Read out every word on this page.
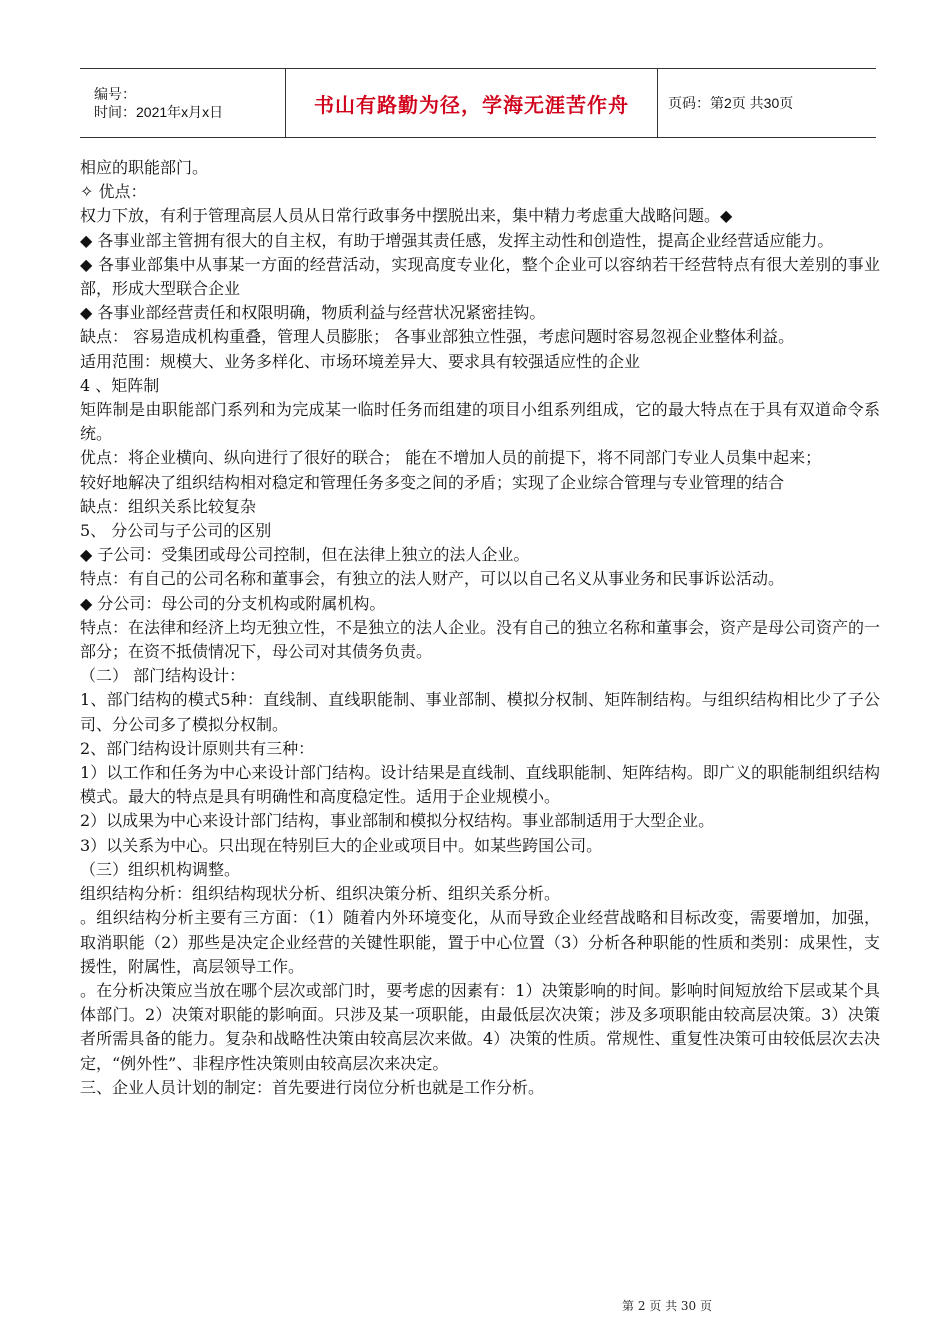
编号：
时间：2021年x月x日	书山有路勤为径，学海无涯苦作舟	页码：第2页 共30页

相应的职能部门。

✧ 优点：

权力下放，有利于管理高层人员从日常行政事务中摆脱出来，集中精力考虑重大战略问题。◆

◆ 各事业部主管拥有很大的自主权，有助于增强其责任感，发挥主动性和创造性，提高企业经营适应能力。

◆ 各事业部集中从事某一方面的经营活动，实现高度专业化，整个企业可以容纳若干经营特点有很大差别的事业部，形成大型联合企业

◆ 各事业部经营责任和权限明确，物质利益与经营状况紧密挂钩。

缺点： 容易造成机构重叠，管理人员膨胀； 各事业部独立性强，考虑问题时容易忽视企业整体利益。

适用范围：规模大、业务多样化、市场环境差异大、要求具有较强适应性的企业

4 、矩阵制

矩阵制是由职能部门系列和为完成某一临时任务而组建的项目小组系列组成，它的最大特点在于具有双道命令系统。

优点：将企业横向、纵向进行了很好的联合； 能在不增加人员的前提下，将不同部门专业人员集中起来；

较好地解决了组织结构相对稳定和管理任务多变之间的矛盾；实现了企业综合管理与专业管理的结合

缺点：组织关系比较复杂

5、 分公司与子公司的区别

◆ 子公司：受集团或母公司控制，但在法律上独立的法人企业。

特点：有自己的公司名称和董事会，有独立的法人财产，可以以自己名义从事业务和民事诉讼活动。

◆ 分公司：母公司的分支机构或附属机构。

特点：在法律和经济上均无独立性，不是独立的法人企业。没有自己的独立名称和董事会，资产是母公司资产的一部分；在资不抵债情况下，母公司对其债务负责。

（二） 部门结构设计：

1、部门结构的模式5种：直线制、直线职能制、事业部制、模拟分权制、矩阵制结构。与组织结构相比少了子公司、分公司多了模拟分权制。

2、部门结构设计原则共有三种：

1）以工作和任务为中心来设计部门结构。设计结果是直线制、直线职能制、矩阵结构。即广义的职能制组织结构模式。最大的特点是具有明确性和高度稳定性。适用于企业规模小。

2）以成果为中心来设计部门结构，事业部制和模拟分权结构。事业部制适用于大型企业。

3）以关系为中心。只出现在特别巨大的企业或项目中。如某些跨国公司。

（三）组织机构调整。

组织结构分析：组织结构现状分析、组织决策分析、组织关系分析。

。组织结构分析主要有三方面：（1）随着内外环境变化，从而导致企业经营战略和目标改变，需要增加，加强，取消职能（2）那些是决定企业经营的关键性职能，置于中心位置（3）分析各种职能的性质和类别：成果性，支援性，附属性，高层领导工作。

。在分析决策应当放在哪个层次或部门时，要考虑的因素有：1）决策影响的时间。影响时间短放给下层或某个具体部门。2）决策对职能的影响面。只涉及某一项职能，由最低层次决策；涉及多项职能由较高层决策。3）决策者所需具备的能力。复杂和战略性决策由较高层次来做。4）决策的性质。常规性、重复性决策可由较低层次去决定，“例外性”、非程序性决策则由较高层次来决定。

三、企业人员计划的制定：首先要进行岗位分析也就是工作分析。

第 2 页 共 30 页
